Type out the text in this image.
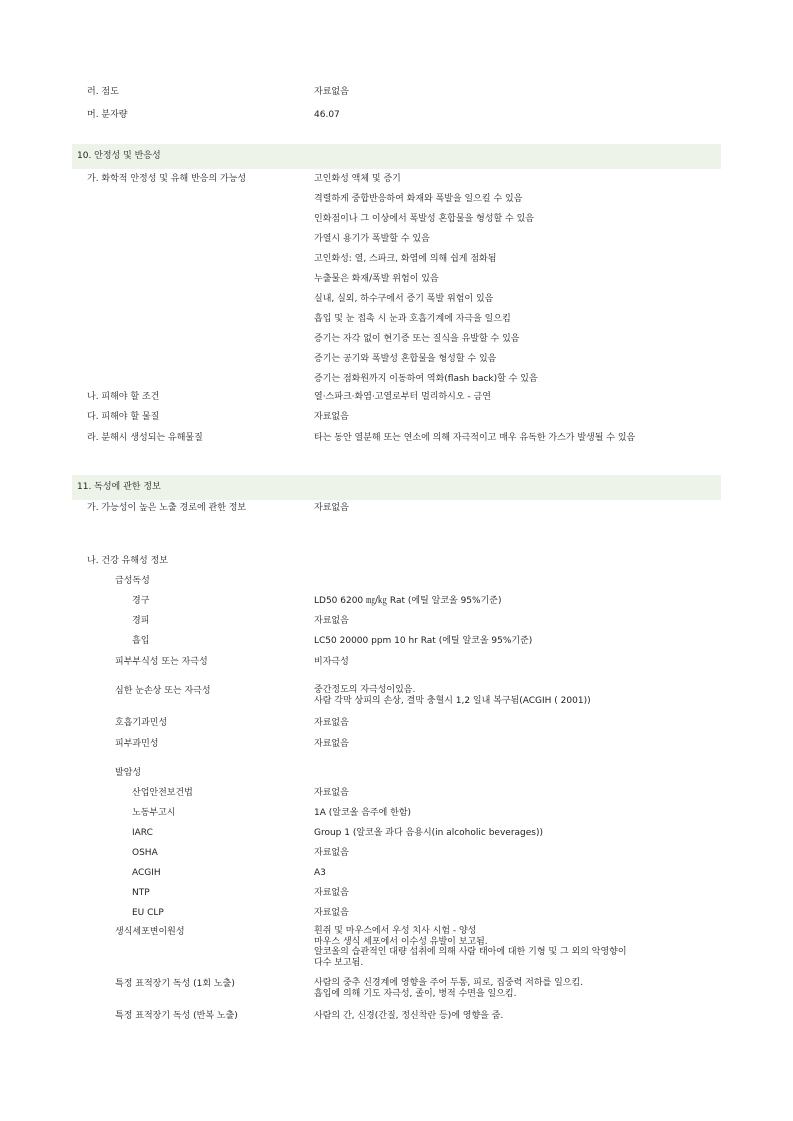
러. 점도	자료없음
머. 분자량	46.07
10. 안정성 및 반응성
가. 화학적 안정성 및 유해 반응의 가능성	고인화성 액체 및 증기
격렬하게 중합반응하여 화재와 폭발을 일으킬 수 있음
인화점이나 그 이상에서 폭발성 혼합물을 형성할 수 있음
가열시 용기가 폭발할 수 있음
고인화성: 열, 스파크, 화염에 의해 쉽게 점화됨
누출물은 화재/폭발 위험이 있음
실내, 실외, 하수구에서 증기 폭발 위험이 있음
흡입 및 눈 접촉 시 눈과 호흡기계에 자극을 일으킴
증기는 자각 없이 현기증 또는 질식을 유발할 수 있음
증기는 공기와 폭발성 혼합물을 형성할 수 있음
증기는 점화원까지 이동하여 역화(flash back)할 수 있음
나. 피해야 할 조건	열·스파크·화염·고열로부터 멀리하시오 - 금연
다. 피해야 할 물질	자료없음
라. 분해시 생성되는 유해물질	타는 동안 열분해 또는 연소에 의해 자극적이고 매우 유독한 가스가 발생될 수 있음
11. 독성에 관한 정보
가. 가능성이 높은 노출 경로에 관한 정보	자료없음
나. 건강 유해성 정보
급성독성
경구	LD50 6200 ㎎/㎏ Rat (에틸 알코올 95%기준)
경피	자료없음
흡입	LC50 20000 ppm 10 hr Rat (에틸 알코올 95%기준)
피부부식성 또는 자극성	비자극성
심한 눈손상 또는 자극성	중간정도의 자극성이있음.
사람 각막 상피의 손상, 결막 충혈시 1,2 일내 복구됨(ACGIH ( 2001))
호흡기과민성	자료없음
피부과민성	자료없음
발암성
산업안전보건법	자료없음
노동부고시	1A (알코올 음주에 한함)
IARC	Group 1 (알코올 과다 음용시(in alcoholic beverages))
OSHA	자료없음
ACGIH	A3
NTP	자료없음
EU CLP	자료없음
생식세포변이원성	흰쥐 및 마우스에서 우성 치사 시험 - 양성
마우스 생식 세포에서 이수성 유발이 보고됨.
알코올의 습관적인 대량 섭취에 의해 사람 태아에 대한 기형 및 그 외의 악영향이
다수 보고됨.
특정 표적장기 독성 (1회 노출)	사람의 중추 신경계에 영향을 주어 두통, 피로, 집중력 저하를 일으킴.
흡입에 의해 기도 자극성, 졸이, 병적 수면을 일으킴.
특정 표적장기 독성 (반복 노출)	사람의 간, 신경(간질, 정신착란 등)에 영향을 줌.
